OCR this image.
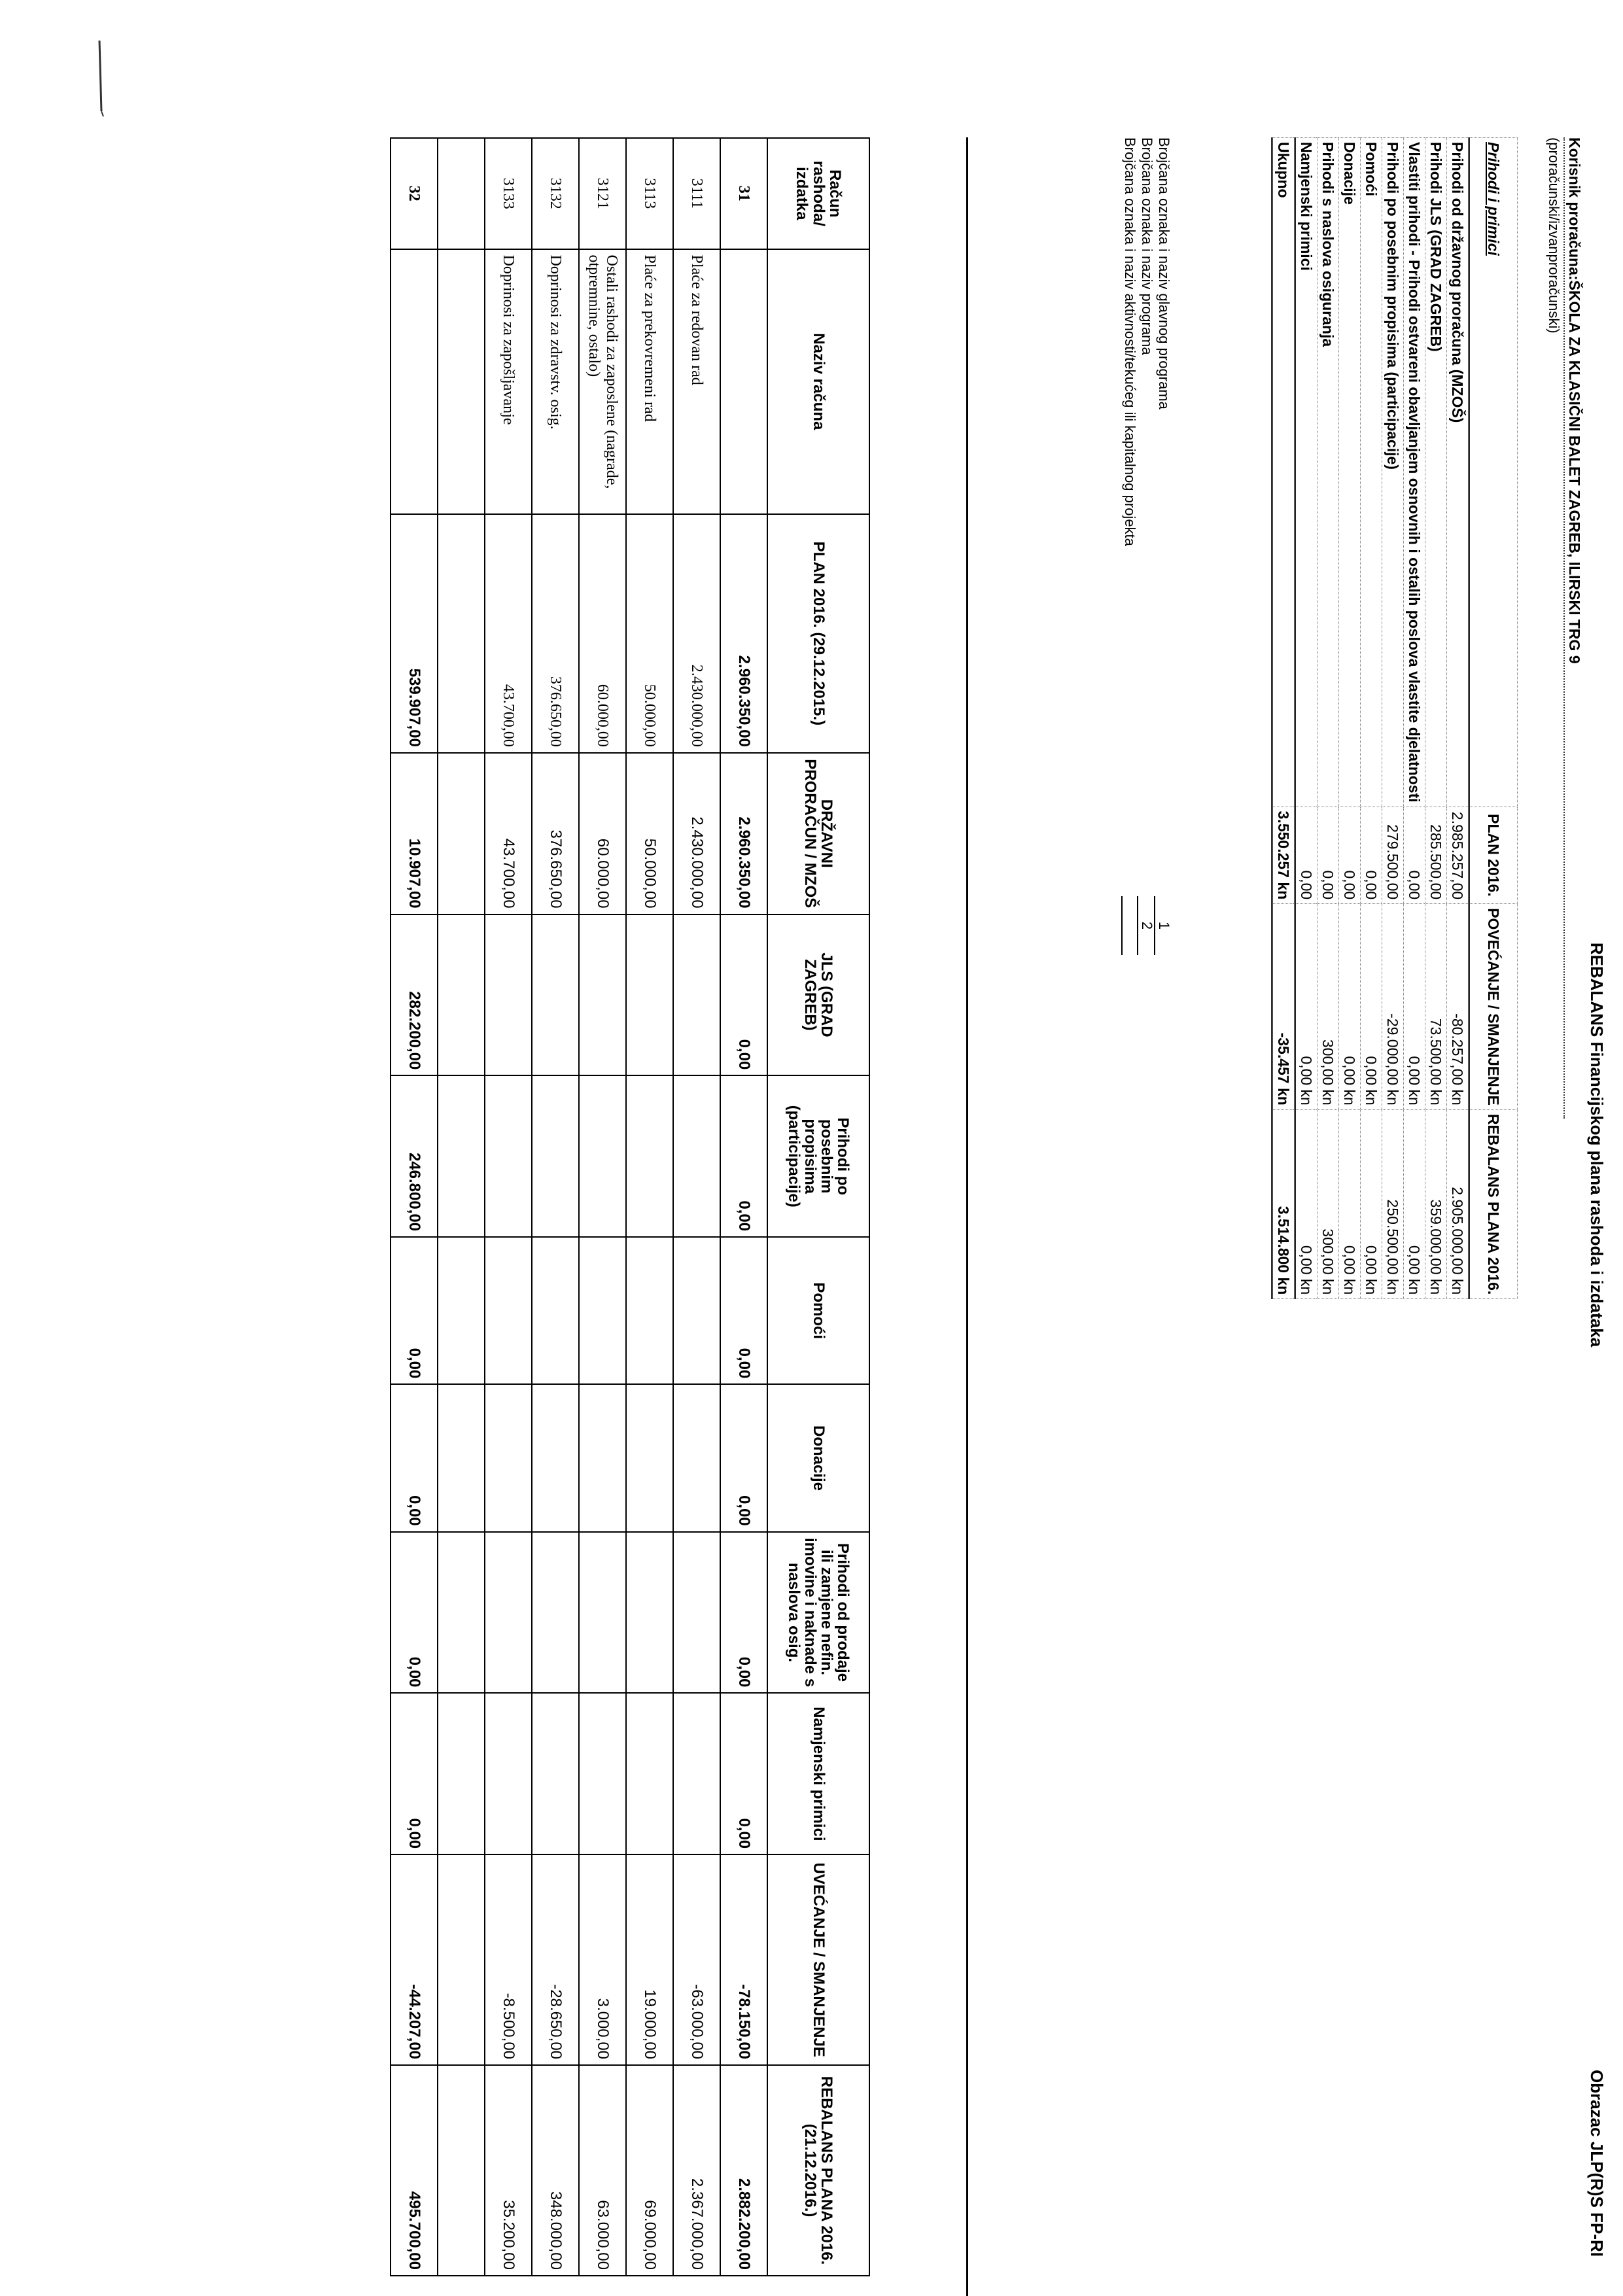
REBALANS Financijskog plana rashoda i izdataka
Obrazac JLP(R)S FP-RI
Korisnik proračuna:ŠKOLA ZA KLASIČNI BALET ZAGREB, ILIRSKI TRG 9
(proračunski/izvanproračunski)
Prihodi i primici	PLAN 2016.	POVEĆANJE / SMANJENJE	REBALANS PLANA 2016.
Prihodi od državnog proračuna (MZOŠ)	2.985.257,00	-80.257,00 kn	2.905.000,00 kn
Prihodi JLS (GRAD ZAGREB)	285.500,00	73.500,00 kn	359.000,00 kn
Vlastiti prihodi - Prihodi ostvareni obavljanjem osnovnih i ostalih poslova vlastite djelatnosti	0,00	0,00 kn	0,00 kn
Prihodi po posebnim propisima (participacije)	279.500,00	-29.000,00 kn	250.500,00 kn
Pomoći	0,00	0,00 kn	0,00 kn
Donacije	0,00	0,00 kn	0,00 kn
Prihodi s naslova osiguranja	0,00	300,00 kn	300,00 kn
Namjenski primici	0,00	0,00 kn	0,00 kn
Ukupno	3.550.257 kn	-35.457 kn	3.514.800 kn
Brojčana oznaka i naziv glavnog programa
1
Brojčana oznaka i naziv programa
2
Brojčana oznaka i naziv aktivnosti/tekućeg ili kapitalnog projekta
Račun rashoda/ izdatka	Naziv računa	PLAN 2016. (29.12.2015.)	DRŽAVNI PRORAČUN / MZOŠ	JLS (GRAD ZAGREB)	Prihodi po posebnim propisima (participacije)	Pomoći	Donacije	Prihodi od prodaje ili zamjene nefin. imovine i naknade s naslova osig.	Namjenski primici	UVEĆANJE / SMANJENJE	REBALANS PLANA 2016. (21.12.2016.)
31		2.960.350,00	2.960.350,00	0,00	0,00	0,00	0,00	0,00	0,00	-78.150,00	2.882.200,00
3111	Plaće za redovan rad	2.430.000,00	2.430.000,00							-63.000,00	2.367.000,00
3113	Plaće za prekovremeni rad	50.000,00	50.000,00							19.000,00	69.000,00
3121	Ostali rashodi za zaposlene (nagrade, otpremnine, ostalo)	60.000,00	60.000,00							3.000,00	63.000,00
3132	Doprinosi za zdravstv. osig.	376.650,00	376.650,00							-28.650,00	348.000,00
3133	Doprinosi za zapošljavanje	43.700,00	43.700,00							-8.500,00	35.200,00

32		539.907,00	10.907,00	282.200,00	246.800,00	0,00	0,00	0,00	0,00	-44.207,00	495.700,00
